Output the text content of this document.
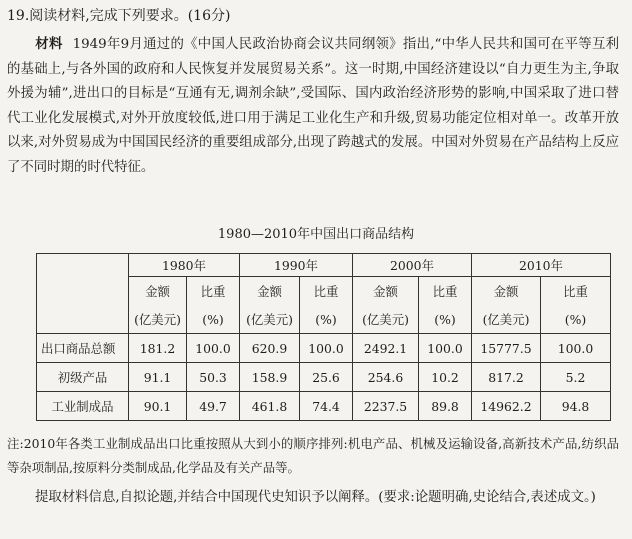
19.阅读材料,完成下列要求。(16分)
材料 1949年9月通过的《中国人民政治协商会议共同纲领》指出,“中华人民共和国可在平等互利的基础上,与各外国的政府和人民恢复并发展贸易关系”。这一时期,中国经济建设以“自力更生为主,争取外援为辅”,进出口的目标是“互通有无,调剂余缺”,受国际、国内政治经济形势的影响,中国采取了进口替代工业化发展模式,对外开放度较低,进口用于满足工业化生产和升级,贸易功能定位相对单一。改革开放以来,对外贸易成为中国国民经济的重要组成部分,出现了跨越式的发展。中国对外贸易在产品结构上反应了不同时期的时代特征。
1980—2010年中国出口商品结构
	1980年		1990年		2000年		2010年	
	金额	比重	金额	比重	金额	比重	金额	比重
	(亿美元)	(%)	(亿美元)	(%)	(亿美元)	(%)	(亿美元)	(%)
出口商品总额	181.2	100.0	620.9	100.0	2492.1	100.0	15777.5	100.0
初级产品	91.1	50.3	158.9	25.6	254.6	10.2	817.2	5.2
工业制成品	90.1	49.7	461.8	74.4	2237.5	89.8	14962.2	94.8
注:2010年各类工业制成品出口比重按照从大到小的顺序排列:机电产品、机械及运输设备,高新技术产品,纺织品等杂项制品,按原料分类制成品,化学品及有关产品等。
提取材料信息,自拟论题,并结合中国现代史知识予以阐释。(要求:论题明确,史论结合,表述成文。)
